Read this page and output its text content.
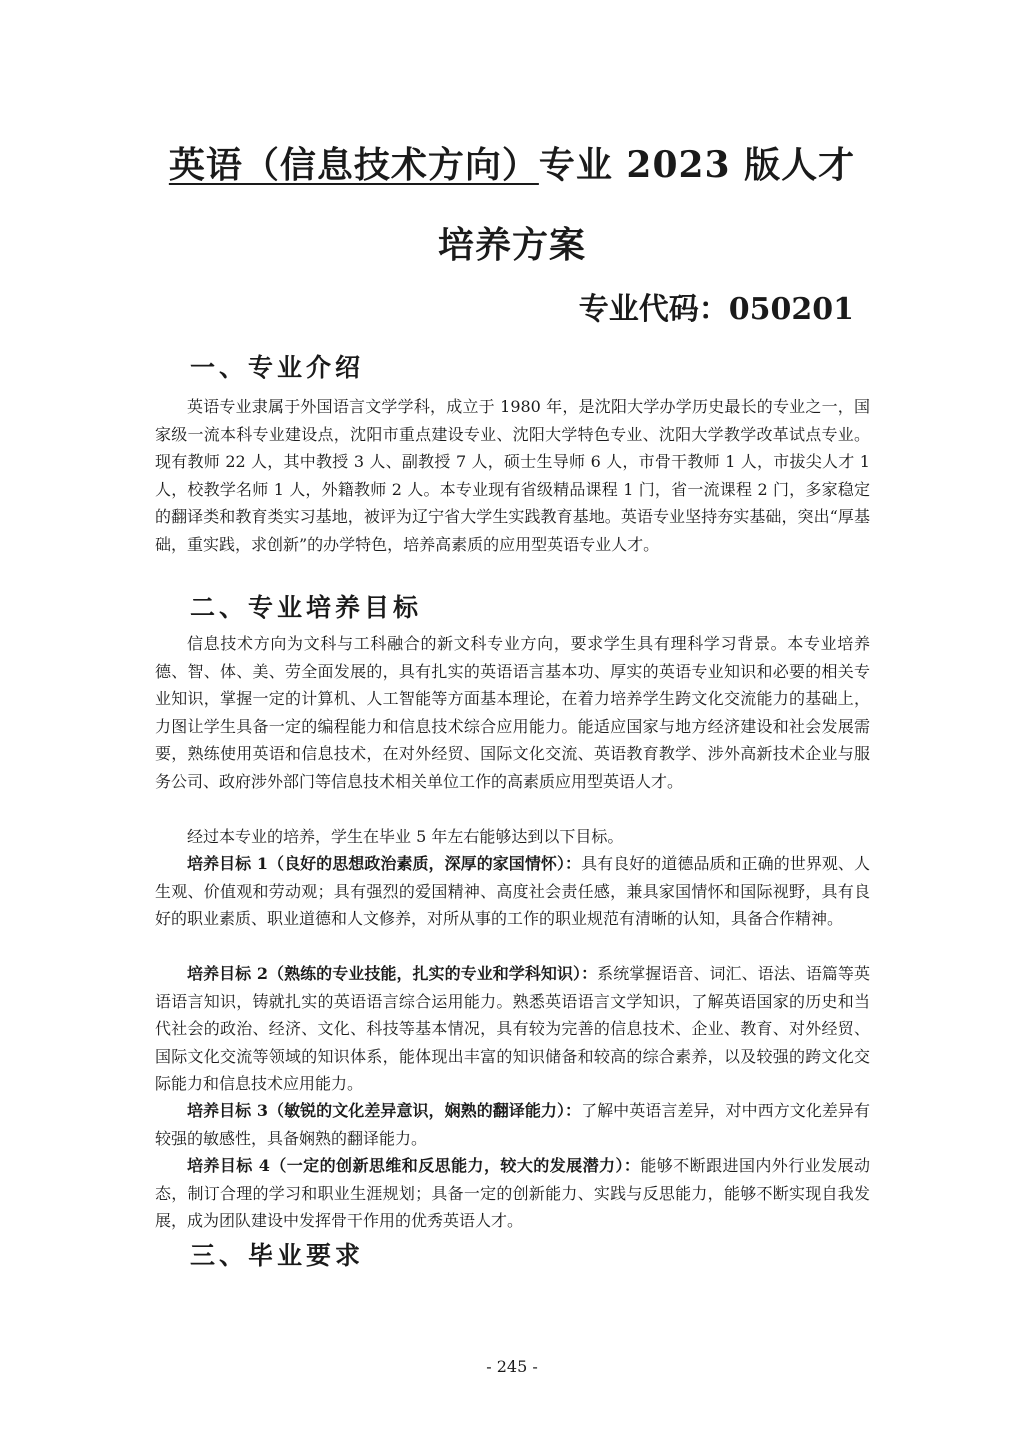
英语（信息技术方向）专业 2023 版人才
培养方案
专业代码：050201
一、专业介绍

英语专业隶属于外国语言文学学科，成立于 1980 年，是沈阳大学办学历史最长的专业之一，国家级一流本科专业建设点，沈阳市重点建设专业、沈阳大学特色专业、沈阳大学教学改革试点专业。现有教师 22 人，其中教授 3 人、副教授 7 人，硕士生导师 6 人，市骨干教师 1 人，市拔尖人才 1 人，校教学名师 1 人，外籍教师 2 人。本专业现有省级精品课程 1 门，省一流课程 2 门，多家稳定的翻译类和教育类实习基地，被评为辽宁省大学生实践教育基地。英语专业坚持夯实基础，突出“厚基础，重实践，求创新”的办学特色，培养高素质的应用型英语专业人才。

二、专业培养目标

信息技术方向为文科与工科融合的新文科专业方向，要求学生具有理科学习背景。本专业培养德、智、体、美、劳全面发展的，具有扎实的英语语言基本功、厚实的英语专业知识和必要的相关专业知识，掌握一定的计算机、人工智能等方面基本理论，在着力培养学生跨文化交流能力的基础上，力图让学生具备一定的编程能力和信息技术综合应用能力。能适应国家与地方经济建设和社会发展需要，熟练使用英语和信息技术，在对外经贸、国际文化交流、英语教育教学、涉外高新技术企业与服务公司、政府涉外部门等信息技术相关单位工作的高素质应用型英语人才。

经过本专业的培养，学生在毕业 5 年左右能够达到以下目标。

培养目标 1（良好的思想政治素质，深厚的家国情怀）：具有良好的道德品质和正确的世界观、人生观、价值观和劳动观；具有强烈的爱国精神、高度社会责任感，兼具家国情怀和国际视野，具有良好的职业素质、职业道德和人文修养，对所从事的工作的职业规范有清晰的认知，具备合作精神。

培养目标 2（熟练的专业技能，扎实的专业和学科知识）：系统掌握语音、词汇、语法、语篇等英语语言知识，铸就扎实的英语语言综合运用能力。熟悉英语语言文学知识，了解英语国家的历史和当代社会的政治、经济、文化、科技等基本情况，具有较为完善的信息技术、企业、教育、对外经贸、国际文化交流等领域的知识体系，能体现出丰富的知识储备和较高的综合素养，以及较强的跨文化交际能力和信息技术应用能力。

培养目标 3（敏锐的文化差异意识，娴熟的翻译能力）：了解中英语言差异，对中西方文化差异有较强的敏感性，具备娴熟的翻译能力。

培养目标 4（一定的创新思维和反思能力，较大的发展潜力）：能够不断跟进国内外行业发展动态，制订合理的学习和职业生涯规划；具备一定的创新能力、实践与反思能力，能够不断实现自我发展，成为团队建设中发挥骨干作用的优秀英语人才。

三、毕业要求
- 245 -
